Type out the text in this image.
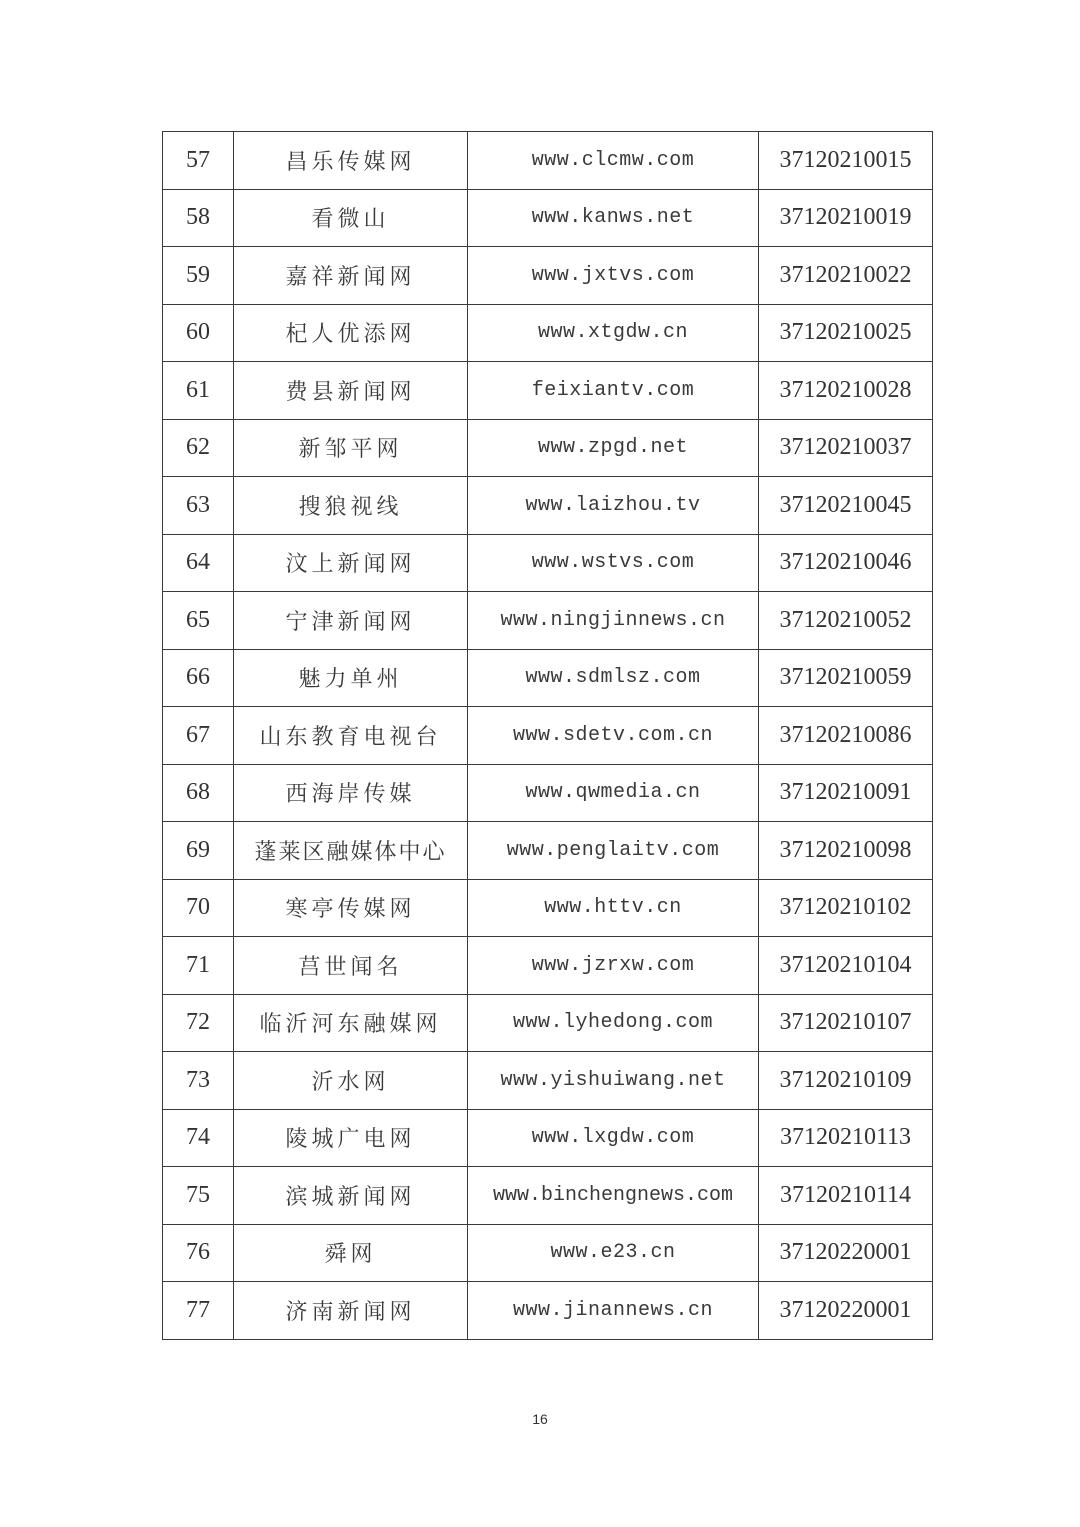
57	昌乐传媒网	www.clcmw.com	37120210015
58	看微山	www.kanws.net	37120210019
59	嘉祥新闻网	www.jxtvs.com	37120210022
60	杞人优添网	www.xtgdw.cn	37120210025
61	费县新闻网	feixiantv.com	37120210028
62	新邹平网	www.zpgd.net	37120210037
63	搜狼视线	www.laizhou.tv	37120210045
64	汶上新闻网	www.wstvs.com	37120210046
65	宁津新闻网	www.ningjinnews.cn	37120210052
66	魅力单州	www.sdmlsz.com	37120210059
67	山东教育电视台	www.sdetv.com.cn	37120210086
68	西海岸传媒	www.qwmedia.cn	37120210091
69	蓬莱区融媒体中心	www.penglaitv.com	37120210098
70	寒亭传媒网	www.httv.cn	37120210102
71	莒世闻名	www.jzrxw.com	37120210104
72	临沂河东融媒网	www.lyhedong.com	37120210107
73	沂水网	www.yishuiwang.net	37120210109
74	陵城广电网	www.lxgdw.com	37120210113
75	滨城新闻网	www.binchengnews.com	37120210114
76	舜网	www.e23.cn	37120220001
77	济南新闻网	www.jinannews.cn	37120220001
16
